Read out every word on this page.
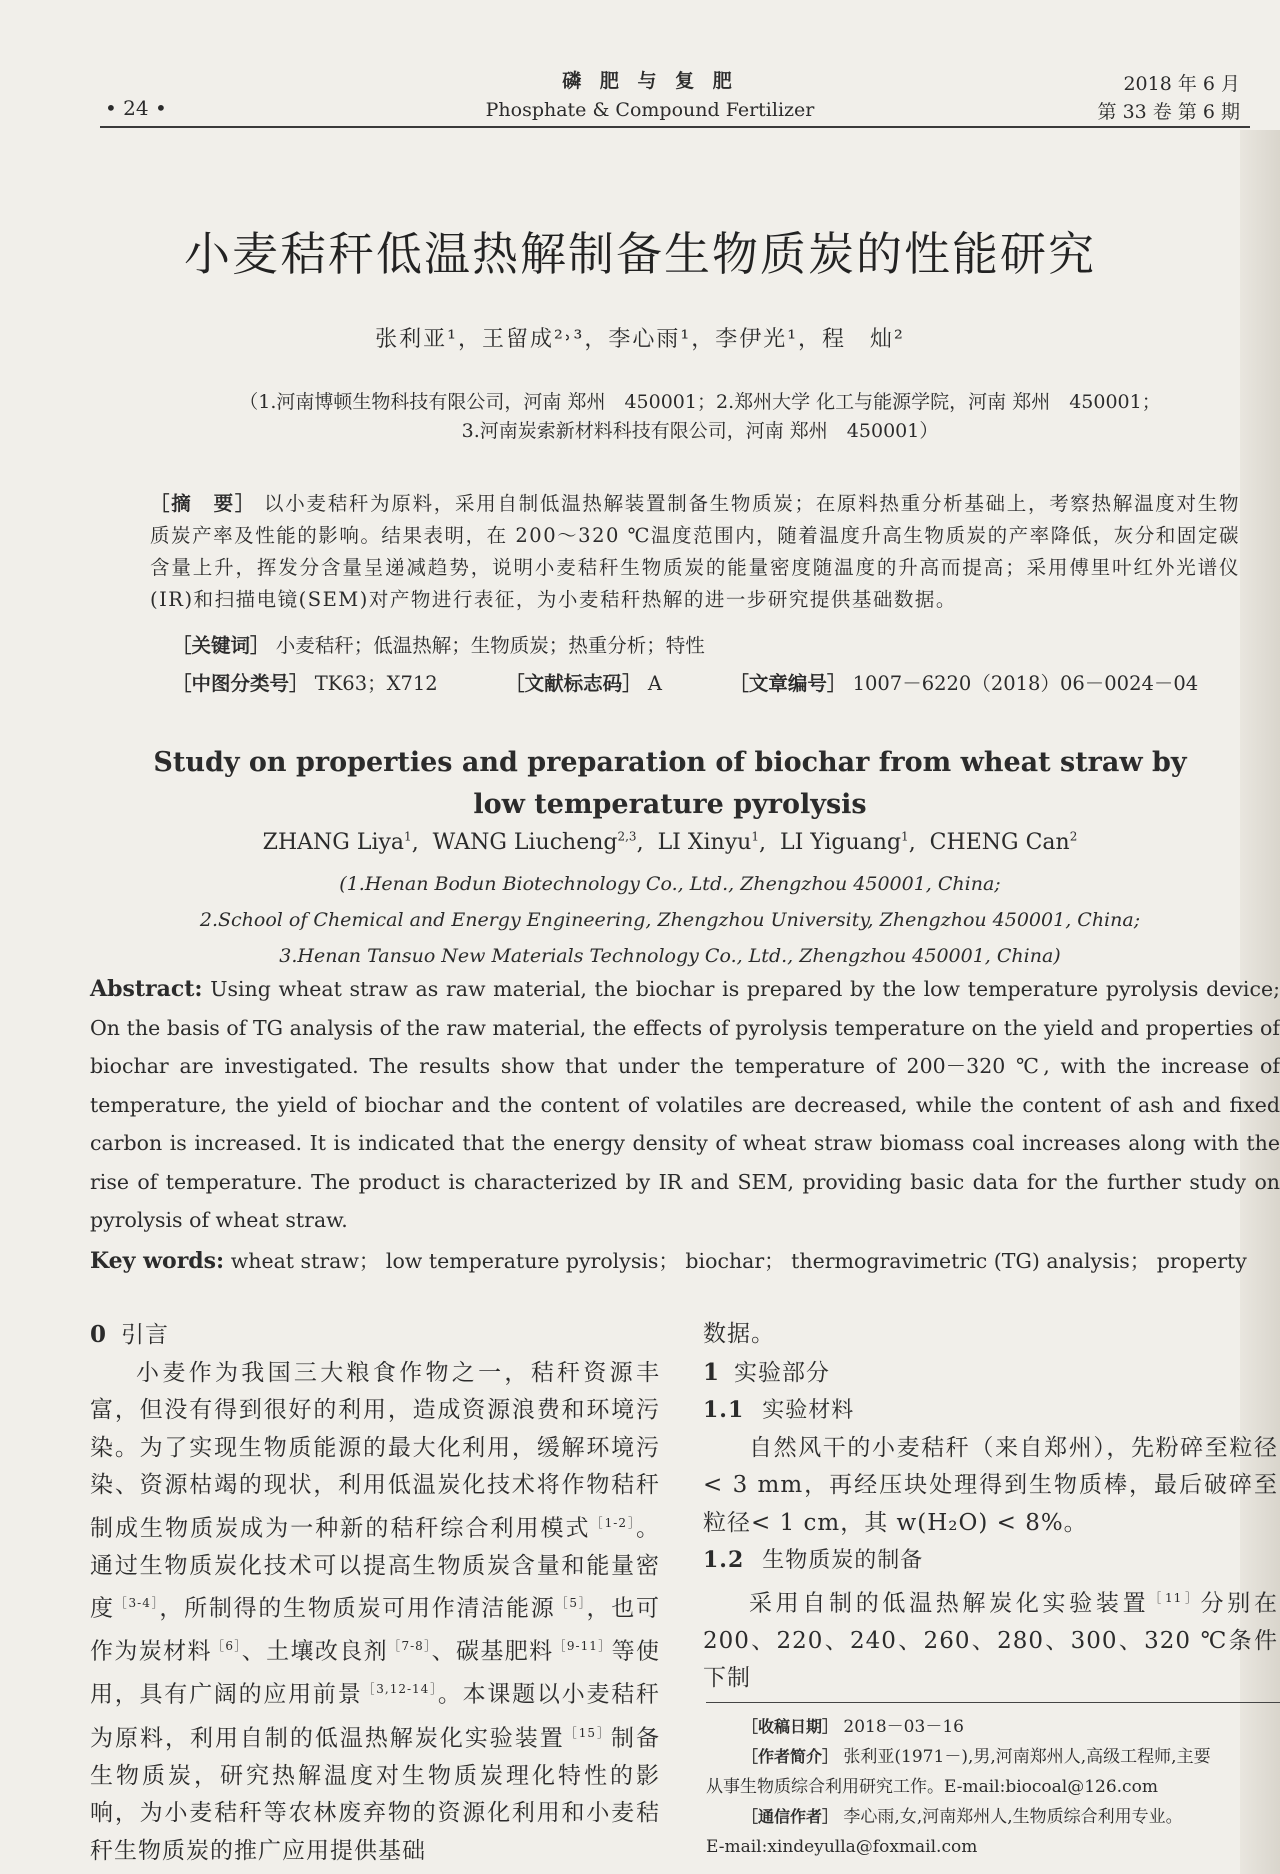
• 24 •
磷 肥 与 复 肥
Phosphate & Compound Fertilizer
2018 年 6 月
第 33 卷 第 6 期
小麦秸秆低温热解制备生物质炭的性能研究
张利亚¹，王留成²˒³，李心雨¹，李伊光¹，程　灿²
（1.河南博顿生物科技有限公司，河南 郑州　450001；2.郑州大学 化工与能源学院，河南 郑州　450001；
3.河南炭索新材料科技有限公司，河南 郑州　450001）

［摘　要］ 以小麦秸秆为原料，采用自制低温热解装置制备生物质炭；在原料热重分析基础上，考察热解温度对生物质炭产率及性能的影响。结果表明，在 200～320 ℃温度范围内，随着温度升高生物质炭的产率降低，灰分和固定碳含量上升，挥发分含量呈递减趋势，说明小麦秸秆生物质炭的能量密度随温度的升高而提高；采用傅里叶红外光谱仪(IR)和扫描电镜(SEM)对产物进行表征，为小麦秸秆热解的进一步研究提供基础数据。

［关键词］ 小麦秸秆；低温热解；生物质炭；热重分析；特性
［中图分类号］ TK63；X712	［文献标志码］ A	［文章编号］ 1007－6220（2018）06－0024－04
Study on properties and preparation of biochar from wheat straw by low temperature pyrolysis
ZHANG Liya$^1$,  WANG Liucheng$^{2,3}$,  LI Xinyu$^1$,  LI Yiguang$^1$,  CHENG Can$^2$
(1.Henan Bodun Biotechnology Co., Ltd., Zhengzhou 450001, China;
2.School of Chemical and Energy Engineering, Zhengzhou University, Zhengzhou 450001, China;
3.Henan Tansuo New Materials Technology Co., Ltd., Zhengzhou 450001, China)
Abstract: Using wheat straw as raw material, the biochar is prepared by the low temperature pyrolysis device; On the basis of TG analysis of the raw material, the effects of pyrolysis temperature on the yield and properties of biochar are investigated. The results show that under the temperature of 200－320 ℃, with the increase of temperature, the yield of biochar and the content of volatiles are decreased, while the content of ash and fixed carbon is increased. It is indicated that the energy density of wheat straw biomass coal increases along with the rise of temperature. The product is characterized by IR and SEM, providing basic data for the further study on pyrolysis of wheat straw.
Key words: wheat straw； low temperature pyrolysis； biochar； thermogravimetric (TG) analysis； property

0 引言

小麦作为我国三大粮食作物之一，秸秆资源丰富，但没有得到很好的利用，造成资源浪费和环境污染。为了实现生物质能源的最大化利用，缓解环境污染、资源枯竭的现状，利用低温炭化技术将作物秸秆制成生物质炭成为一种新的秸秆综合利用模式$^{[1-2]}$。通过生物质炭化技术可以提高生物质炭含量和能量密度$^{[3-4]}$，所制得的生物质炭可用作清洁能源$^{[5]}$，也可作为炭材料$^{[6]}$、土壤改良剂$^{[7-8]}$、碳基肥料$^{[9-11]}$等使用，具有广阔的应用前景$^{[3,12-14]}$。本课题以小麦秸秆为原料，利用自制的低温热解炭化实验装置$^{[15]}$制备生物质炭，研究热解温度对生物质炭理化特性的影响，为小麦秸秆等农林废弃物的资源化利用和小麦秸秆生物质炭的推广应用提供基础

数据。

1 实验部分

1.1 实验材料

自然风干的小麦秸秆（来自郑州），先粉碎至粒径< 3 mm，再经压块处理得到生物质棒，最后破碎至粒径< 1 cm，其 w(H₂O) < 8%。

1.2 生物质炭的制备

采用自制的低温热解炭化实验装置$^{[11]}$分别在 200、220、240、260、280、300、320 ℃条件下制

［收稿日期］ 2018－03－16

［作者简介］ 张利亚(1971－),男,河南郑州人,高级工程师,主要

从事生物质综合利用研究工作。E-mail:biocoal@126.com

［通信作者］ 李心雨,女,河南郑州人,生物质综合利用专业。

E-mail:xindeyulla@foxmail.com
